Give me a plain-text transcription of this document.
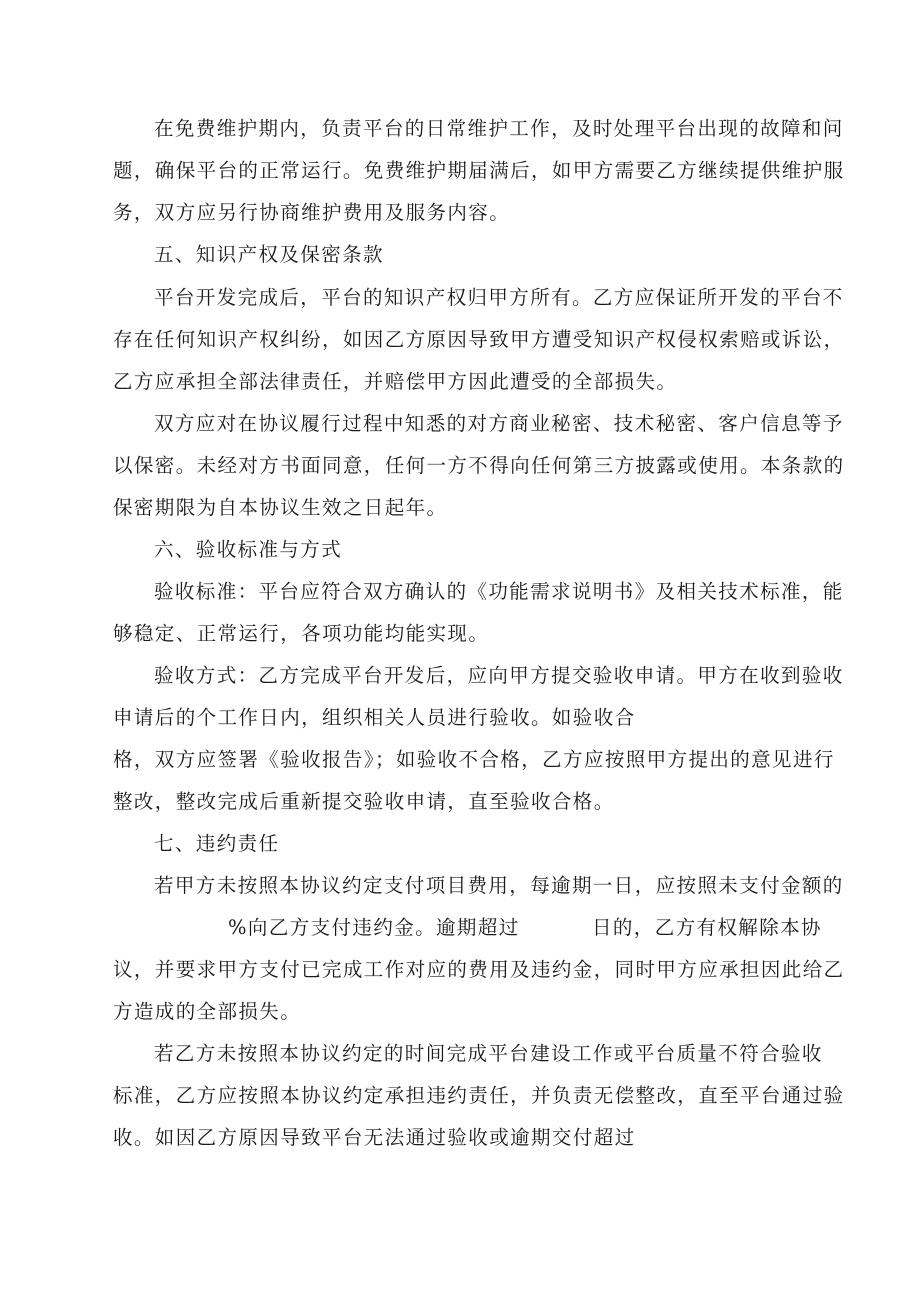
在免费维护期内，负责平台的日常维护工作，及时处理平台出现的故障和问
题，确保平台的正常运行。免费维护期届满后，如甲方需要乙方继续提供维护服
务，双方应另行协商维护费用及服务内容。
五、知识产权及保密条款
平台开发完成后，平台的知识产权归甲方所有。乙方应保证所开发的平台不
存在任何知识产权纠纷，如因乙方原因导致甲方遭受知识产权侵权索赔或诉讼，
乙方应承担全部法律责任，并赔偿甲方因此遭受的全部损失。
双方应对在协议履行过程中知悉的对方商业秘密、技术秘密、客户信息等予
以保密。未经对方书面同意，任何一方不得向任何第三方披露或使用。本条款的
保密期限为自本协议生效之日起年。
六、验收标准与方式
验收标准：平台应符合双方确认的《功能需求说明书》及相关技术标准，能
够稳定、正常运行，各项功能均能实现。
验收方式：乙方完成平台开发后，应向甲方提交验收申请。甲方在收到验收
申请后的个工作日内，组织相关人员进行验收。如验收合
格，双方应签署《验收报告》；如验收不合格，乙方应按照甲方提出的意见进行
整改，整改完成后重新提交验收申请，直至验收合格。
七、违约责任
若甲方未按照本协议约定支付项目费用，每逾期一日，应按照未支付金额的
%向乙方支付违约金。逾期超过	日的，乙方有权解除本协
议，并要求甲方支付已完成工作对应的费用及违约金，同时甲方应承担因此给乙
方造成的全部损失。
若乙方未按照本协议约定的时间完成平台建设工作或平台质量不符合验收
标准，乙方应按照本协议约定承担违约责任，并负责无偿整改，直至平台通过验
收。如因乙方原因导致平台无法通过验收或逾期交付超过
